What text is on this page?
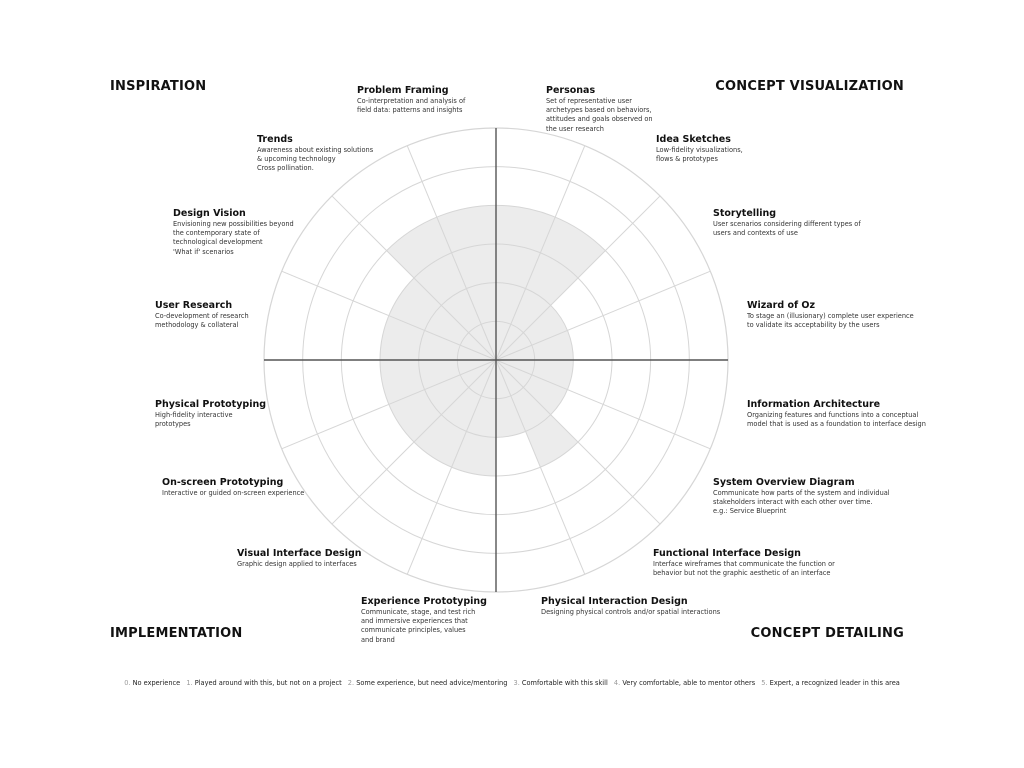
INSPIRATION	CONCEPT VISUALIZATION
IMPLEMENTATION	CONCEPT DETAILING
Personas
Set of representative user
archetypes based on behaviors,
attitudes and goals observed on
the user research
Idea Sketches
Low-fidelity visualizations,
flows & prototypes
Storytelling
User scenarios considering different types of
users and contexts of use
Wizard of Oz
To stage an (illusionary) complete user experience
to validate its acceptability by the users
Information Architecture
Organizing features and functions into a conceptual
model that is used as a foundation to interface design
System Overview Diagram
Communicate how parts of the system and individual
stakeholders interact with each other over time.
e.g.: Service Blueprint
Functional Interface Design
Interface wireframes that communicate the function or
behavior but not the graphic aesthetic of an interface
Physical Interaction Design
Designing physical controls and/or spatial interactions
Experience Prototyping
Communicate, stage, and test rich
and immersive experiences that
communicate principles, values
and brand
Visual Interface Design
Graphic design applied to interfaces
On-screen Prototyping
Interactive or guided on-screen experience
Physical Prototyping
High-fidelity interactive
prototypes
User Research
Co-development of research
methodology & collateral
Design Vision
Envisioning new possibilities beyond
the contemporary state of
technological development
'What if' scenarios
Trends
Awareness about existing solutions
& upcoming technology
Cross pollination.
Problem Framing
Co-interpretation and analysis of
field data: patterns and insights
0. No experience 1. Played around with this, but not on a project 2. Some experience, but need advice/mentoring 3. Comfortable with this skill 4. Very comfortable, able to mentor others 5. Expert, a recognized leader in this area
